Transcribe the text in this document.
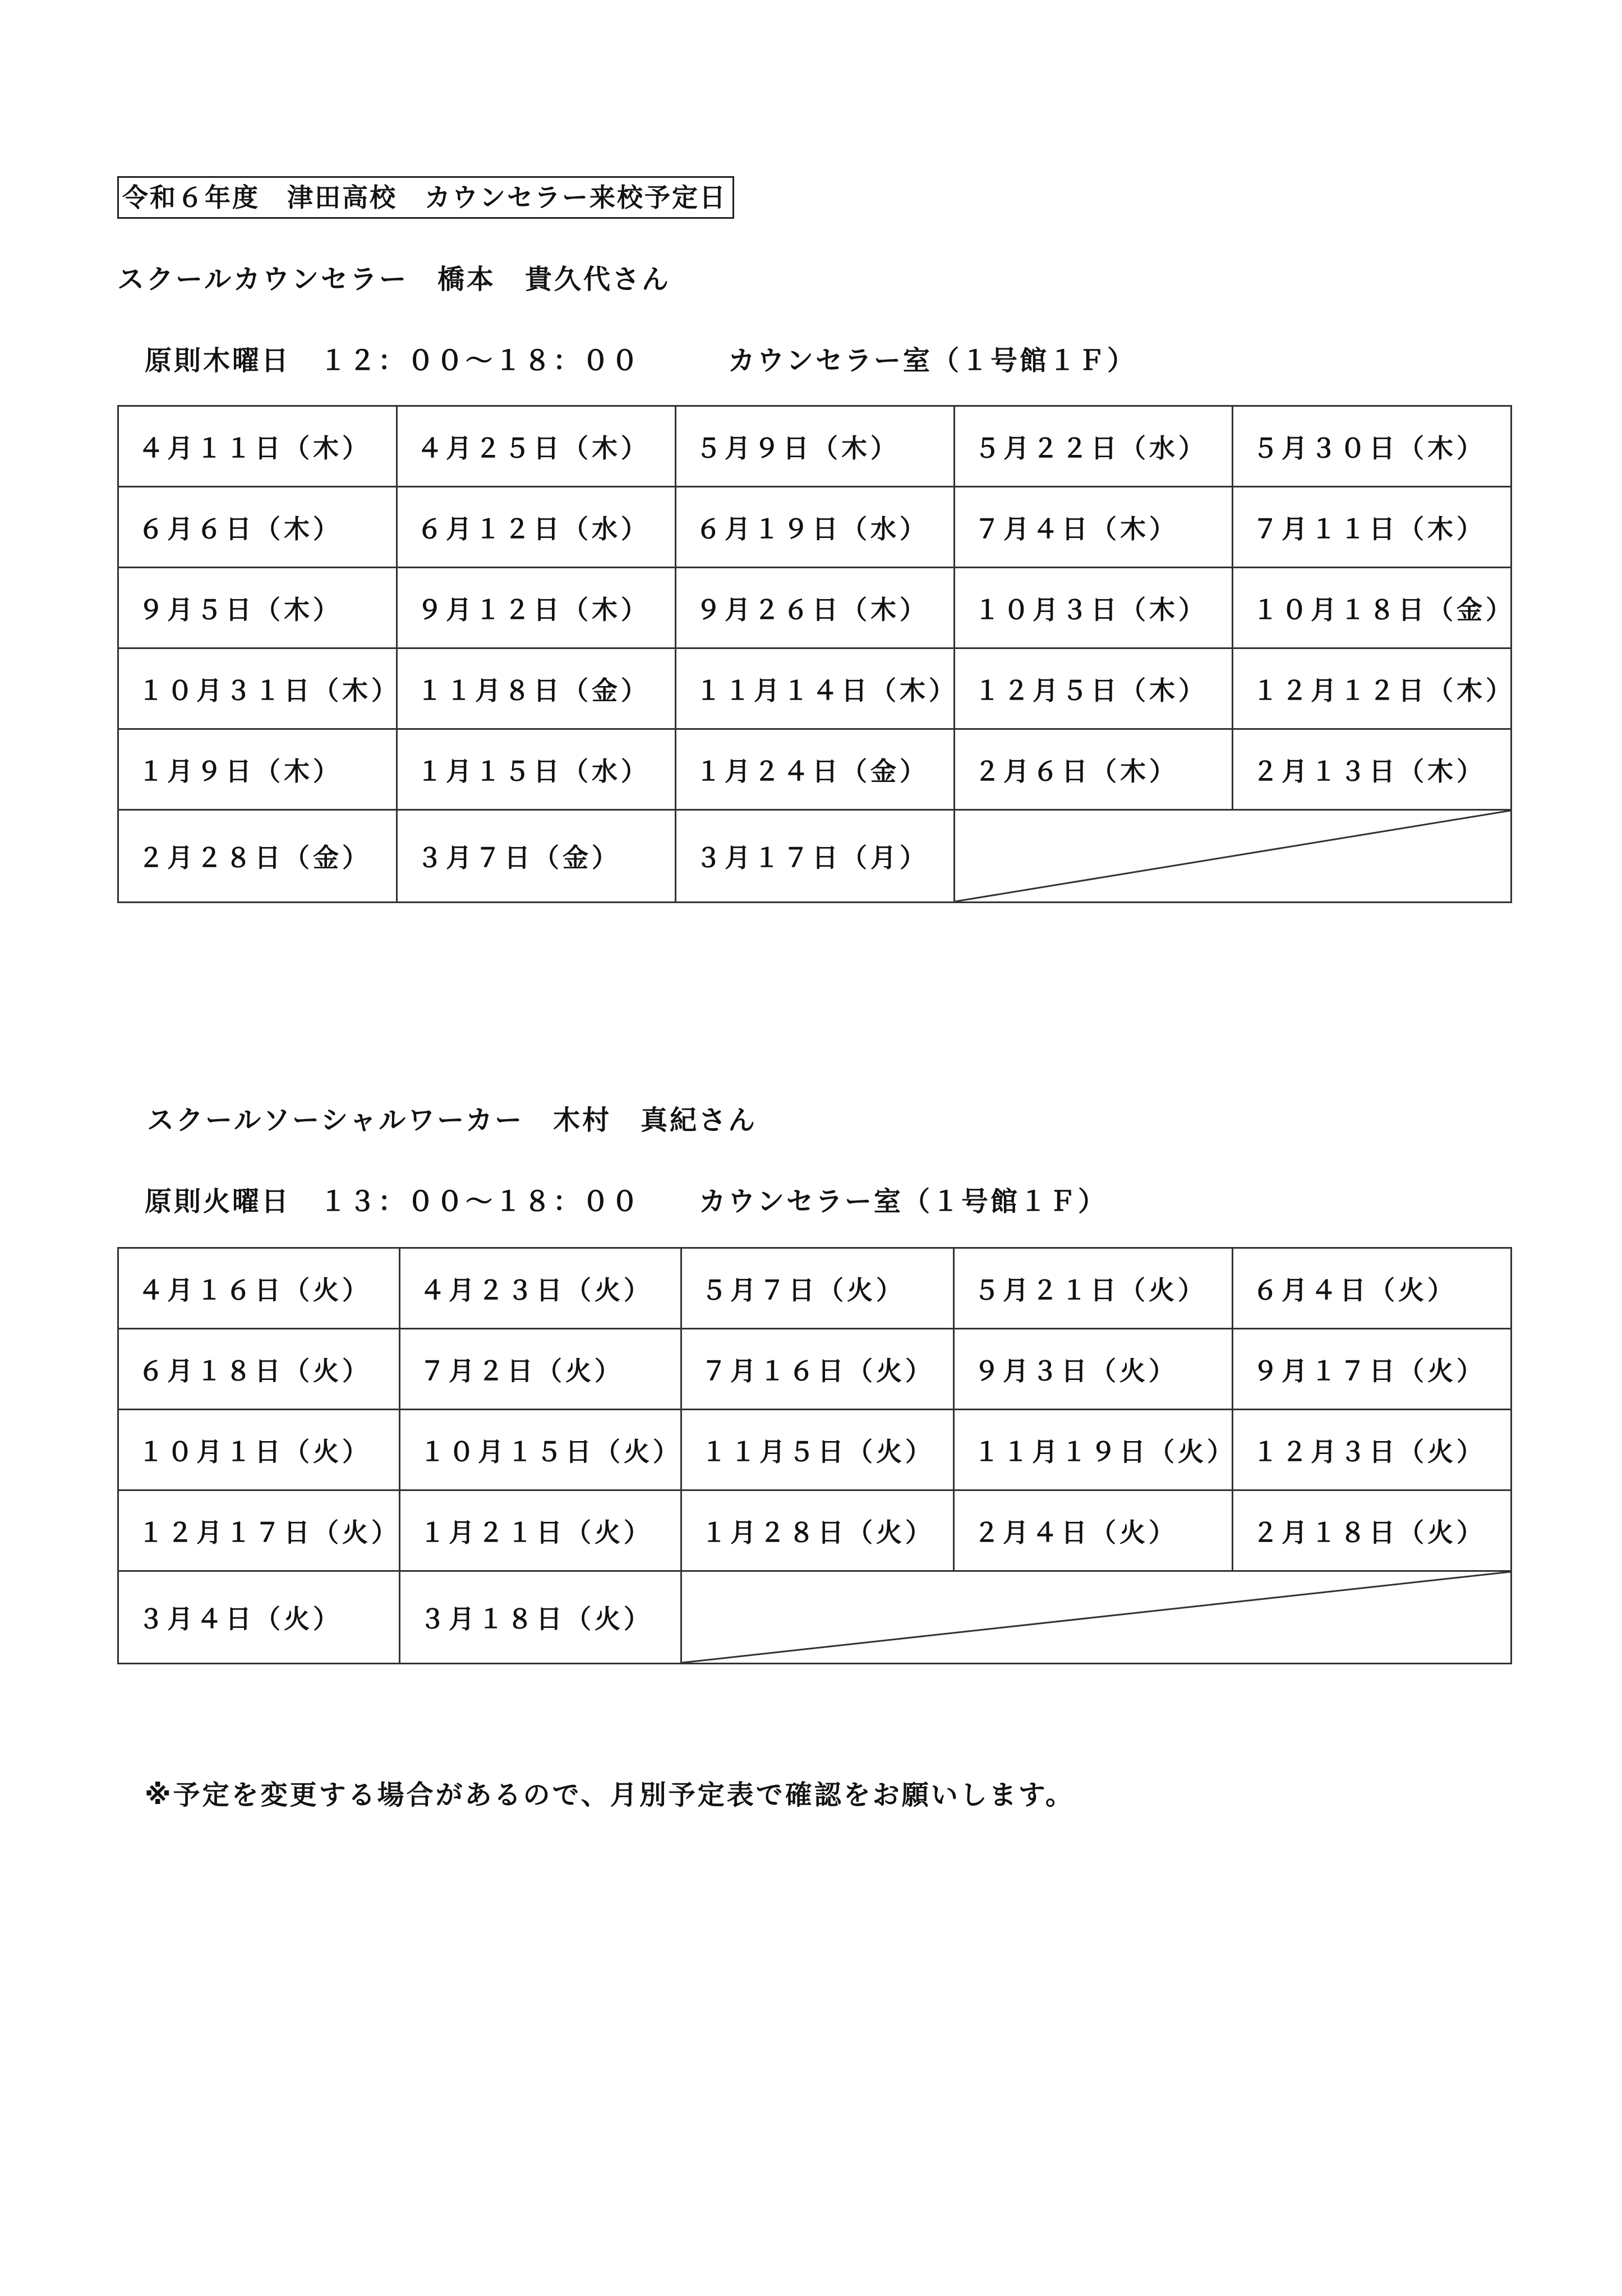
令和６年度　津田高校　カウンセラー来校予定日
スクールカウンセラー　橋本　貴久代さん
原則木曜日　１２：００～１８：００　　　カウンセラー室（１号館１Ｆ）
４月１１日（木）	４月２５日（木）	５月９日（木）	５月２２日（水）	５月３０日（木）
６月６日（木）	６月１２日（水）	６月１９日（水）	７月４日（木）	７月１１日（木）
９月５日（木）	９月１２日（木）	９月２６日（木）	１０月３日（木）	１０月１８日（金）
１０月３１日（木）	１１月８日（金）	１１月１４日（木）	１２月５日（木）	１２月１２日（木）
１月９日（木）	１月１５日（水）	１月２４日（金）	２月６日（木）	２月１３日（木）
２月２８日（金）	３月７日（金）	３月１７日（月）	

スクールソーシャルワーカー　木村　真紀さん
原則火曜日　１３：００～１８：００　　カウンセラー室（１号館１Ｆ）
４月１６日（火）	４月２３日（火）	５月７日（火）	５月２１日（火）	６月４日（火）
６月１８日（火）	７月２日（火）	７月１６日（火）	９月３日（火）	９月１７日（火）
１０月１日（火）	１０月１５日（火）	１１月５日（火）	１１月１９日（火）	１２月３日（火）
１２月１７日（火）	１月２１日（火）	１月２８日（火）	２月４日（火）	２月１８日（火）
３月４日（火）	３月１８日（火）	

※予定を変更する場合があるので、月別予定表で確認をお願いします。
